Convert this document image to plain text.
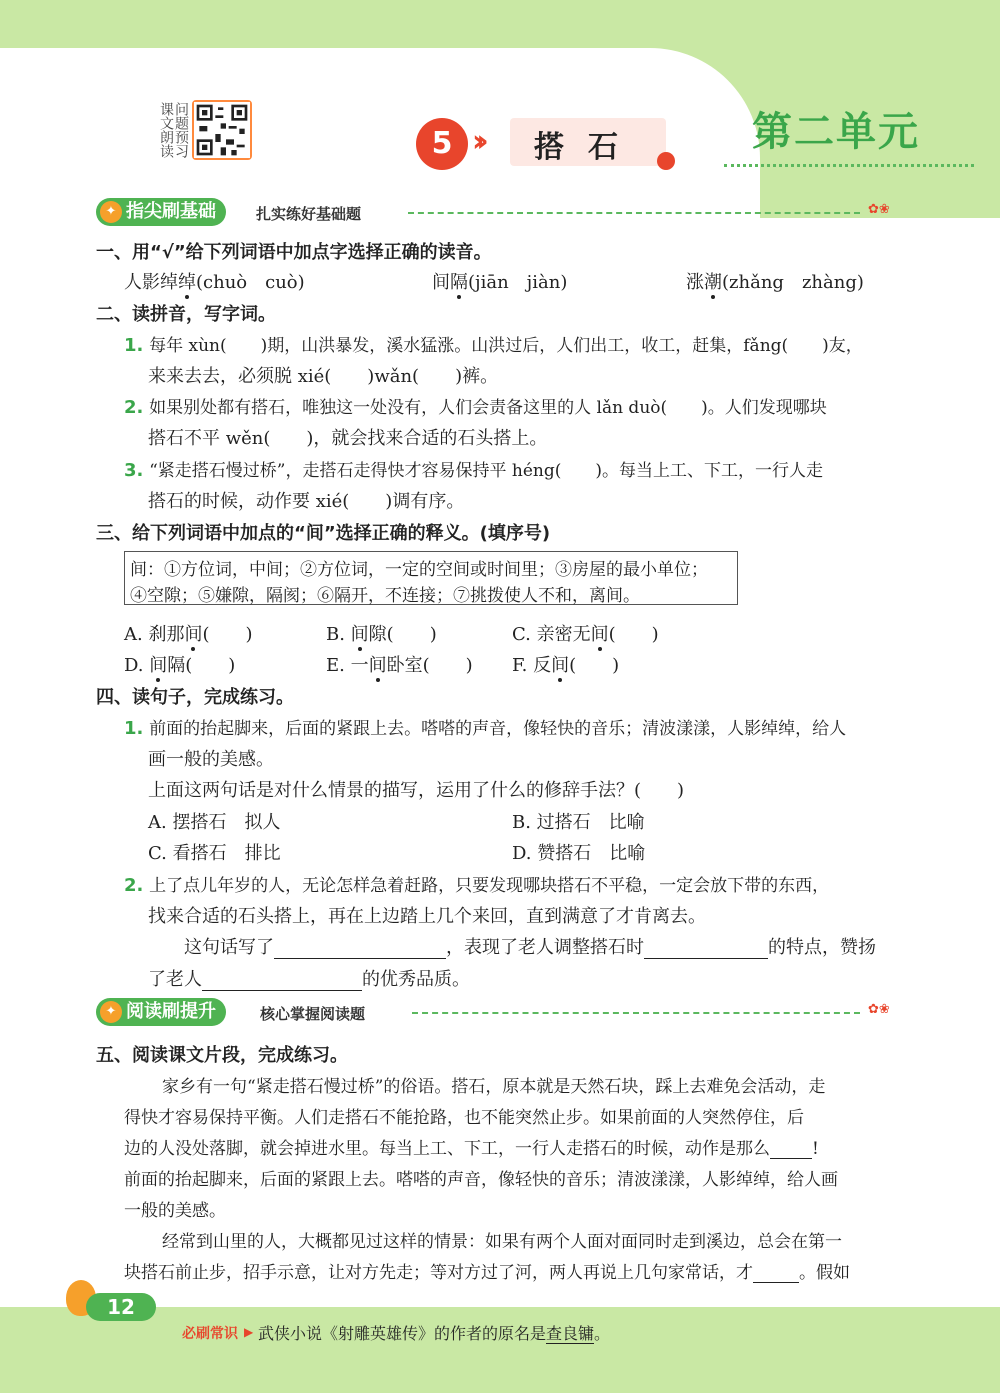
问题预习课文朗读	5 ››	搭石	第二单元
✦ 指尖刷基础	扎实练好基础题	✿❀
一、用“√”给下列词语中加点字选择正确的读音。
人影绰绰(chuò　cuò)	间隔(jiān　jiàn)	涨潮(zhǎng　zhàng)
二、读拼音，写字词。
1. 每年 xùn(　　)期，山洪暴发，溪水猛涨。山洪过后，人们出工，收工，赶集，fǎng(　　)友，
来来去去，必须脱 xié(　　)wǎn(　　)裤。
2. 如果别处都有搭石，唯独这一处没有，人们会责备这里的人 lǎn duò(　　)。人们发现哪块
搭石不平 wěn(　　)，就会找来合适的石头搭上。
3. “紧走搭石慢过桥”，走搭石走得快才容易保持平 héng(　　)。每当上工、下工，一行人走
搭石的时候，动作要 xié(　　)调有序。
三、给下列词语中加点的“间”选择正确的释义。(填序号)
间：①方位词，中间；②方位词，一定的空间或时间里；③房屋的最小单位；
④空隙；⑤嫌隙，隔阂；⑥隔开，不连接；⑦挑拨使人不和，离间。
A. 刹那间(　　)	B. 间隙(　　)	C. 亲密无间(　　)
D. 间隔(　　)	E. 一间卧室(　　) F. 反间(　　)
四、读句子，完成练习。
1. 前面的抬起脚来，后面的紧跟上去。嗒嗒的声音，像轻快的音乐；清波漾漾，人影绰绰，给人
画一般的美感。
上面这两句话是对什么情景的描写，运用了什么的修辞手法？(　　)
A. 摆搭石　拟人	B. 过搭石　比喻
C. 看搭石　排比	D. 赞搭石　比喻
2. 上了点儿年岁的人，无论怎样急着赶路，只要发现哪块搭石不平稳，一定会放下带的东西，
找来合适的石头搭上，再在上边踏上几个来回，直到满意了才肯离去。
这句话写了	，表现了老人调整搭石时	的特点，赞扬
了老人	的优秀品质。
✦ 阅读刷提升	核心掌握阅读题	✿❀
五、阅读课文片段，完成练习。
家乡有一句“紧走搭石慢过桥”的俗语。搭石，原本就是天然石块，踩上去难免会活动，走
得快才容易保持平衡。人们走搭石不能抢路，也不能突然止步。如果前面的人突然停住，后
边的人没处落脚，就会掉进水里。每当上工、下工，一行人走搭石的时候，动作是那么 !
前面的抬起脚来，后面的紧跟上去。嗒嗒的声音，像轻快的音乐；清波漾漾，人影绰绰，给人画
一般的美感。
经常到山里的人，大概都见过这样的情景：如果有两个人面对面同时走到溪边，总会在第一
块搭石前止步，招手示意，让对方先走；等对方过了河，两人再说上几句家常话，才	。假如
12
必刷常识 ▶ 武侠小说《射雕英雄传》的作者的原名是查良镛。
